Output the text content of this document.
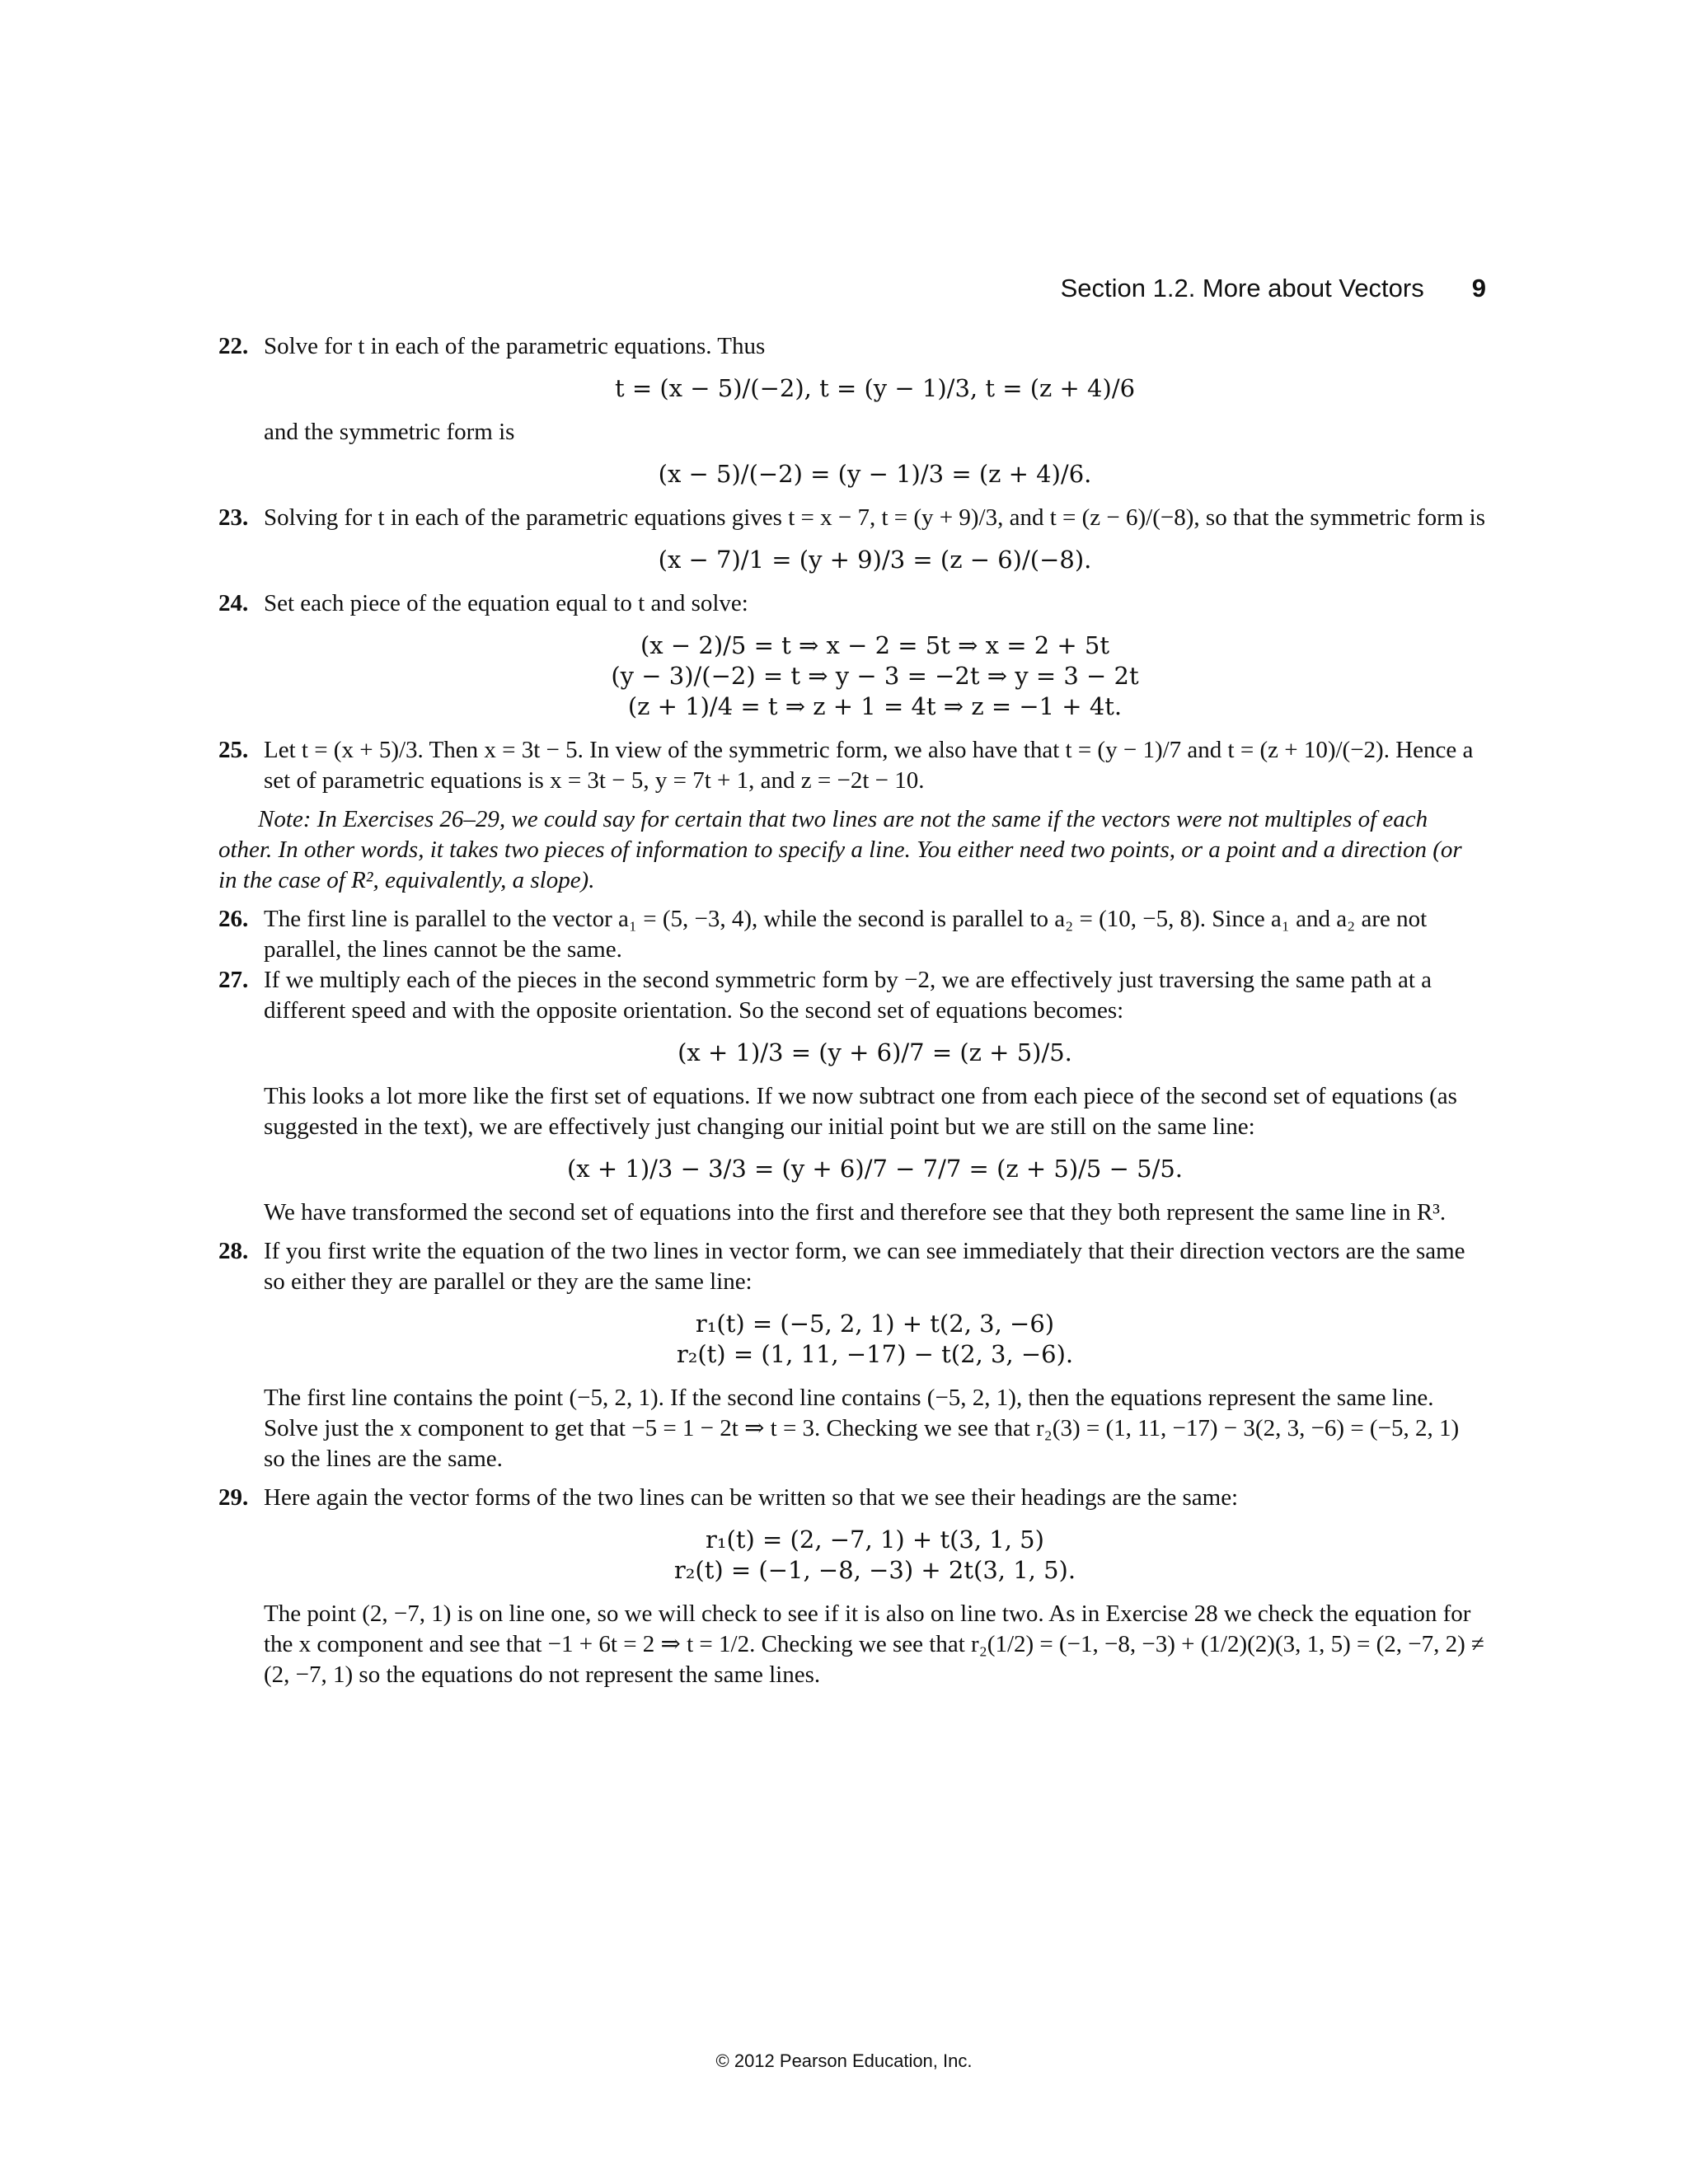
Section 1.2. More about Vectors 9
22. Solve for t in each of the parametric equations. Thus

t = (x − 5)/(−2), t = (y − 1)/3, t = (z + 4)/6

and the symmetric form is

(x − 5)/(−2) = (y − 1)/3 = (z + 4)/6.
23. Solving for t in each of the parametric equations gives t = x − 7, t = (y + 9)/3, and t = (z − 6)/(−8), so that the symmetric form is

(x − 7)/1 = (y + 9)/3 = (z − 6)/(−8).
24. Set each piece of the equation equal to t and solve:

(x − 2)/5 = t ⇒ x − 2 = 5t ⇒ x = 2 + 5t
(y − 3)/(−2) = t ⇒ y − 3 = −2t ⇒ y = 3 − 2t
(z + 1)/4 = t ⇒ z + 1 = 4t ⇒ z = −1 + 4t.
25. Let t = (x + 5)/3. Then x = 3t − 5. In view of the symmetric form, we also have that t = (y − 1)/7 and t = (z + 10)/(−2). Hence a set of parametric equations is x = 3t − 5, y = 7t + 1, and z = −2t − 10.

Note: In Exercises 26–29, we could say for certain that two lines are not the same if the vectors were not multiples of each other. In other words, it takes two pieces of information to specify a line. You either need two points, or a point and a direction (or in the case of R², equivalently, a slope).

26. The first line is parallel to the vector a₁ = (5, −3, 4), while the second is parallel to a₂ = (10, −5, 8). Since a₁ and a₂ are not parallel, the lines cannot be the same.

27. If we multiply each of the pieces in the second symmetric form by −2, we are effectively just traversing the same path at a different speed and with the opposite orientation. So the second set of equations becomes:

(x + 1)/3 = (y + 6)/7 = (z + 5)/5.

This looks a lot more like the first set of equations. If we now subtract one from each piece of the second set of equations (as suggested in the text), we are effectively just changing our initial point but we are still on the same line:

(x + 1)/3 − 3/3 = (y + 6)/7 − 7/7 = (z + 5)/5 − 5/5.

We have transformed the second set of equations into the first and therefore see that they both represent the same line in R³.

28. If you first write the equation of the two lines in vector form, we can see immediately that their direction vectors are the same so either they are parallel or they are the same line:

r₁(t) = (−5, 2, 1) + t(2, 3, −6)
r₂(t) = (1, 11, −17) − t(2, 3, −6).

The first line contains the point (−5, 2, 1). If the second line contains (−5, 2, 1), then the equations represent the same line. Solve just the x component to get that −5 = 1 − 2t ⇒ t = 3. Checking we see that r₂(3) = (1, 11, −17) − 3(2, 3, −6) = (−5, 2, 1) so the lines are the same.

29. Here again the vector forms of the two lines can be written so that we see their headings are the same:

r₁(t) = (2, −7, 1) + t(3, 1, 5)
r₂(t) = (−1, −8, −3) + 2t(3, 1, 5).

The point (2, −7, 1) is on line one, so we will check to see if it is also on line two. As in Exercise 28 we check the equation for the x component and see that −1 + 6t = 2 ⇒ t = 1/2. Checking we see that r₂(1/2) = (−1, −8, −3) + (1/2)(2)(3, 1, 5) = (2, −7, 2) ≠ (2, −7, 1) so the equations do not represent the same lines.

© 2012 Pearson Education, Inc.
